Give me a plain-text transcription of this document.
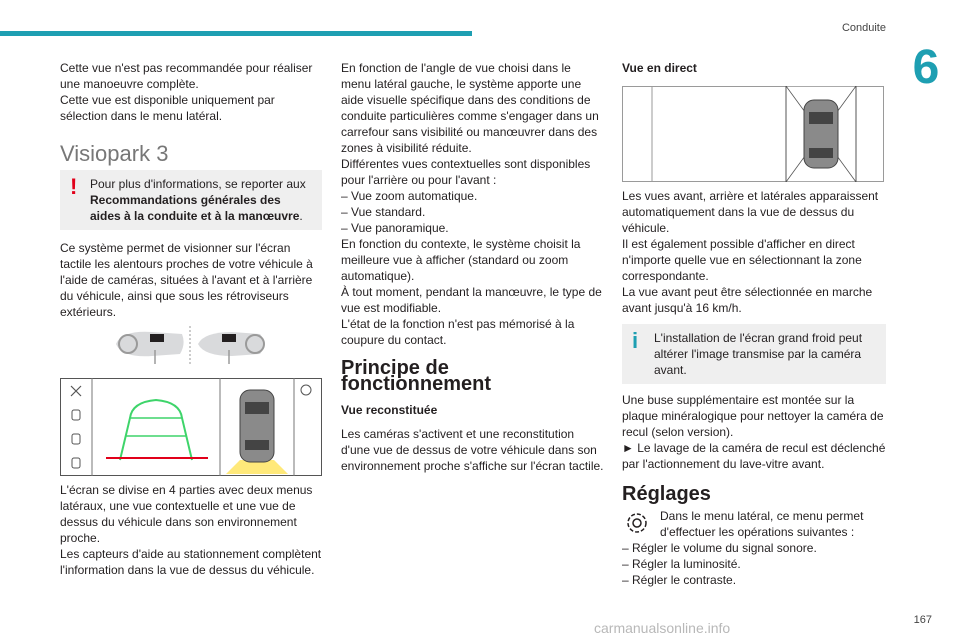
Conduite
6

Cette vue n'est pas recommandée pour réaliser une manoeuvre complète.

Cette vue est disponible uniquement par sélection dans le menu latéral.

Visiopark 3

! Pour plus d'informations, se reporter aux Recommandations générales des aides à la conduite et à la manœuvre.

Ce système permet de visionner sur l'écran tactile les alentours proches de votre véhicule à l'aide de caméras, situées à l'avant et à l'arrière du véhicule, ainsi que sous les rétroviseurs extérieurs.

L'écran se divise en 4 parties avec deux menus latéraux, une vue contextuelle et une vue de dessus du véhicule dans son environnement proche.

Les capteurs d'aide au stationnement complètent l'information dans la vue de dessus du véhicule.

En fonction de l'angle de vue choisi dans le menu latéral gauche, le système apporte une aide visuelle spécifique dans des conditions de conduite particulières comme s'engager dans un carrefour sans visibilité ou manœuvrer dans des zones à visibilité réduite.

Différentes vues contextuelles sont disponibles pour l'arrière ou pour l'avant :

– Vue zoom automatique.

– Vue standard.

– Vue panoramique.

En fonction du contexte, le système choisit la meilleure vue à afficher (standard ou zoom automatique).

À tout moment, pendant la manœuvre, le type de vue est modifiable.

L'état de la fonction n'est pas mémorisé à la coupure du contact.

Principe de fonctionnement

Vue reconstituée

Les caméras s'activent et une reconstitution d'une vue de dessus de votre véhicule dans son environnement proche s'affiche sur l'écran tactile.

Vue en direct

Les vues avant, arrière et latérales apparaissent automatiquement dans la vue de dessus du véhicule.

Il est également possible d'afficher en direct n'importe quelle vue en sélectionnant la zone correspondante.

La vue avant peut être sélectionnée en marche avant jusqu'à 16 km/h.

i L'installation de l'écran grand froid peut altérer l'image transmise par la caméra avant.

Une buse supplémentaire est montée sur la plaque minéralogique pour nettoyer la caméra de recul (selon version).

► Le lavage de la caméra de recul est déclenché par l'actionnement du lave-vitre avant.

Réglages

Dans le menu latéral, ce menu permet d'effectuer les opérations suivantes :

– Régler le volume du signal sonore.

– Régler la luminosité.

– Régler le contraste.

167
carmanualsonline.info
